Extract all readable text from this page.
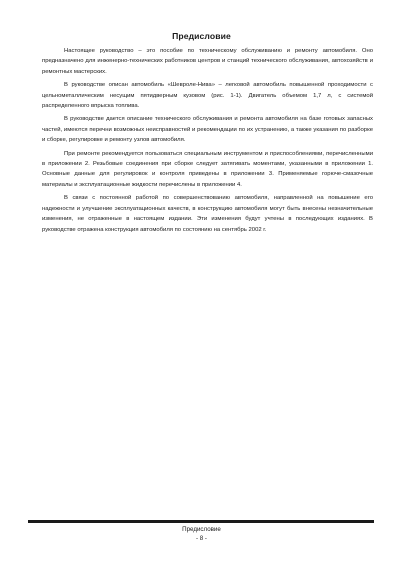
Предисловие

Настоящее руководство – это пособие по техническому обслуживанию и ремонту автомобиля. Оно предназначено для инженерно-технических работников центров и станций технического обслуживания, автохозяйств и ремонтных мастерских.

В руководстве описан автомобиль «Шевроле-Нива» – легковой автомобиль повышенной проходимости с цельнометаллическим несущим пятидверным кузовом (рис. 1-1). Двигатель объемом 1,7 л, с системой распределенного впрыска топлива.

В руководстве дается описание технического обслуживания и ремонта автомобиля на базе готовых запасных частей, имеются перечни возможных неисправностей и рекомендации по их устранению, а также указания по разборке и сборке, регулировке и ремонту узлов автомобиля.

При ремонте рекомендуется пользоваться специальным инструментом и приспособлениями, перечисленными в приложении 2. Резьбовые соединения при сборке следует затягивать моментами, указанными в приложении 1. Основные данные для регулировок и контроля приведены в приложении 3. Применяемые горюче-смазочные материалы и эксплуатационные жидкости перечислены в приложении 4.

В связи с постоянной работой по совершенствованию автомобиля, направленной на повышение его надежности и улучшение эксплуатационных качеств, в конструкцию автомобиля могут быть внесены незначительные изменения, не отраженные в настоящем издании. Эти изменения будут учтены в последующих изданиях. В руководстве отражена конструкция автомобиля по состоянию на сентябрь 2002 г.

Предисловие
- 8 -
